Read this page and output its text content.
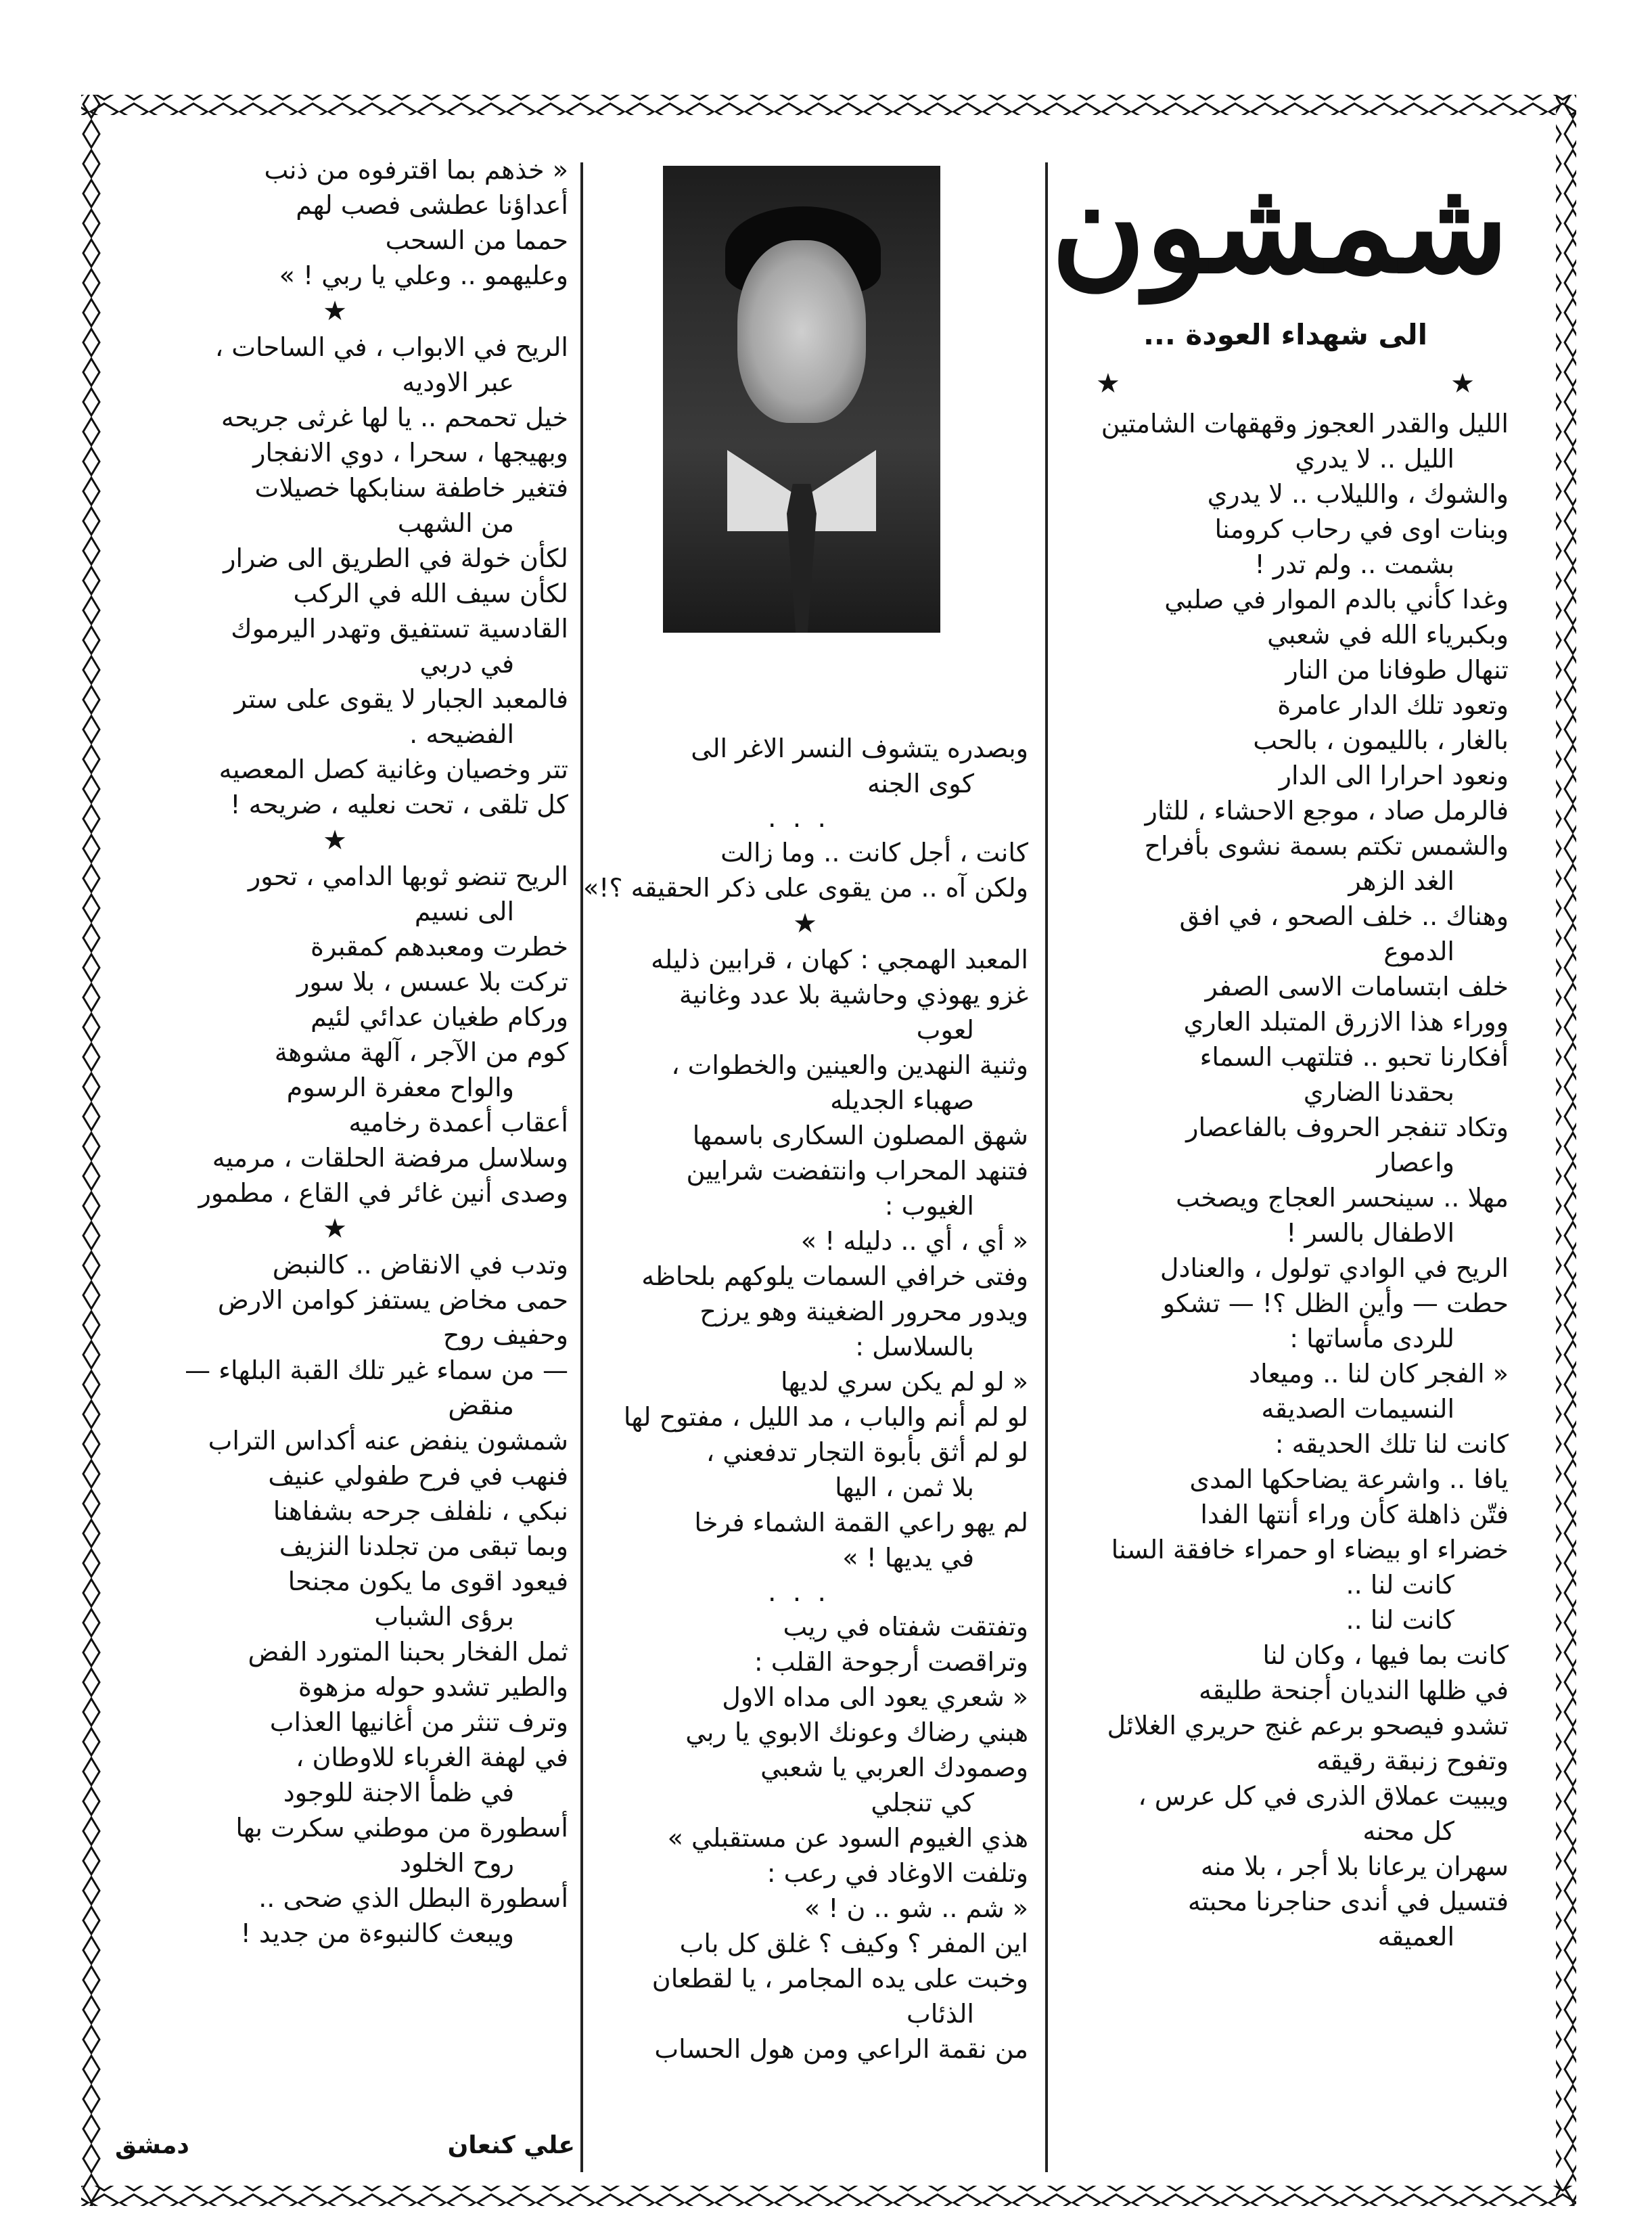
شمشون
الى شهداء العودة ...
★
★
الليل والقدر العجوز وقهقهات الشامتين
الليل .. لا يدري
والشوك ، والليلاب .. لا يدري
وبنات اوى في رحاب كرومنا
بشمت .. ولم تدر !
وغدا كأني بالدم الموار في صلبي
وبكبرياء الله في شعبي
تنهال طوفانا من النار
وتعود تلك الدار عامرة
بالغار ، بالليمون ، بالحب
ونعود احرارا الى الدار
فالرمل صاد ، موجع الاحشاء ، للثار
والشمس تكتم بسمة نشوى بأفراح
الغد الزهر
وهناك .. خلف الصحو ، في افق
الدموع
خلف ابتسامات الاسى الصفر
ووراء هذا الازرق المتبلد العاري
أفكارنا تحبو .. فتلتهب السماء
بحقدنا الضاري
وتكاد تنفجر الحروف بالفاعصار
واعصار
مهلا .. سينحسر العجاج ويصخب
الاطفال بالسر !
الريح في الوادي تولول ، والعنادل
حطت — وأين الظل ؟! — تشكو
للردى مأساتها :
« الفجر كان لنا .. وميعاد
النسيمات الصديقه
كانت لنا تلك الحديقه :
يافا .. واشرعة يضاحكها المدى
فتّن ذاهلة كأن وراء أنتها الفدا
خضراء او بيضاء او حمراء خافقة السنا
كانت لنا ..
كانت لنا ..
كانت بما فيها ، وكان لنا
في ظلها النديان أجنحة طليقه
تشدو فيصحو برعم غنج حريري الغلائل
وتفوح زنبقة رقيقه
ويبيت عملاق الذرى في كل عرس ،
كل محنه
سهران يرعانا بلا أجر ، بلا منه
فتسيل في أندى حناجرنا محبته
العميقه
وبصدره يتشوف النسر الاغر الى
كوى الجنه
...
كانت ، أجل كانت .. وما زالت
ولكن آه .. من يقوى على ذكر الحقيقه ؟!»
★
المعبد الهمجي : كهان ، قرابين ذليله
غزو يهوذي وحاشية بلا عدد وغانية
لعوب
وثنية النهدين والعينين والخطوات ،
صهباء الجديله
شهق المصلون السكارى باسمها
فتنهد المحراب وانتفضت شرايين
الغيوب :
« أي ، أي .. دليله ! »
وفتى خرافي السمات يلوكهم بلحاظه
ويدور محرور الضغينة وهو يرزح
بالسلاسل :
« لو لم يكن سري لديها
لو لم أنم والباب ، مد الليل ، مفتوح لها
لو لم أثق بأبوة التجار تدفعني ،
بلا ثمن ، اليها
لم يهو راعي القمة الشماء فرخا
في يديها ! »
...
وتفتقت شفتاه في ريب
وتراقصت أرجوحة القلب :
« شعري يعود الى مداه الاول
هبني رضاك وعونك الابوي يا ربي
وصمودك العربي يا شعبي
كي تنجلي
هذي الغيوم السود عن مستقبلي »
وتلفت الاوغاد في رعب :
« شم .. شو .. ن ! »
اين المفر ؟ وكيف ؟ غلق كل باب
وخبت على يده المجامر ، يا لقطعان
الذئاب
من نقمة الراعي ومن هول الحساب
« خذهم بما اقترفوه من ذنب
أعداؤنا عطشى فصب لهم
حمما من السحب
وعليهمو .. وعلي يا ربي ! »
★
الريح في الابواب ، في الساحات ،
عبر الاوديه
خيل تحمحم .. يا لها غرثى جريحه
وبهيجها ، سحرا ، دوي الانفجار
فتغير خاطفة سنابكها خصيلات
من الشهب
لكأن خولة في الطريق الى ضرار
لكأن سيف الله في الركب
القادسية تستفيق وتهدر اليرموك
في دربي
فالمعبد الجبار لا يقوى على ستر
الفضيحه .
تتر وخصيان وغانية كصل المعصيه
كل تلقى ، تحت نعليه ، ضريحه !
★
الريح تنضو ثوبها الدامي ، تحور
الى نسيم
خطرت ومعبدهم كمقبرة
تركت بلا عسس ، بلا سور
وركام طغيان عدائي لئيم
كوم من الآجر ، آلهة مشوهة
والواح معفرة الرسوم
أعقاب أعمدة رخاميه
وسلاسل مرفضة الحلقات ، مرميه
وصدى أنين غائر في القاع ، مطمور
★
وتدب في الانقاض .. كالنبض
حمى مخاض يستفز كوامن الارض
وحفيف روح
— من سماء غير تلك القبة البلهاء —
منقض
شمشون ينفض عنه أكداس التراب
فنهب في فرح طفولي عنيف
نبكي ، نلفلف جرحه بشفاهنا
وبما تبقى من تجلدنا النزيف
فيعود اقوى ما يكون مجنحا
برؤى الشباب
ثمل الفخار بحبنا المتورد الفض
والطير تشدو حوله مزهوة
وترف تنثر من أغانيها العذاب
في لهفة الغرباء للاوطان ،
في ظمأ الاجنة للوجود
أسطورة من موطني سكرت بها
روح الخلود
أسطورة البطل الذي ضحى ..
ويبعث كالنبوءة من جديد !
علي كنعان
دمشق
